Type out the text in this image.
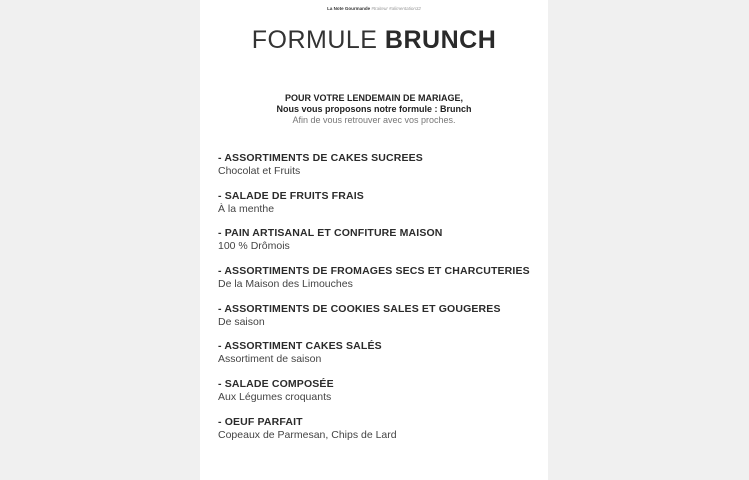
La Note Gourmande #traiteur #alimentation32
FORMULE BRUNCH
POUR VOTRE LENDEMAIN DE MARIAGE,
Nous vous proposons notre formule : Brunch
Afin de vous retrouver avec vos proches.
- ASSORTIMENTS DE CAKES SUCREES
Chocolat et Fruits
- SALADE DE FRUITS FRAIS
À la menthe
- PAIN ARTISANAL ET CONFITURE MAISON
100 % Drômois
- ASSORTIMENTS DE FROMAGES SECS ET CHARCUTERIES
De la Maison des Limouches
- ASSORTIMENTS DE COOKIES SALES ET GOUGERES
De saison
- ASSORTIMENT CAKES SALÉS
Assortiment de saison
- SALADE COMPOSÉE
Aux Légumes croquants
- OEUF PARFAIT
Copeaux de Parmesan, Chips de Lard
